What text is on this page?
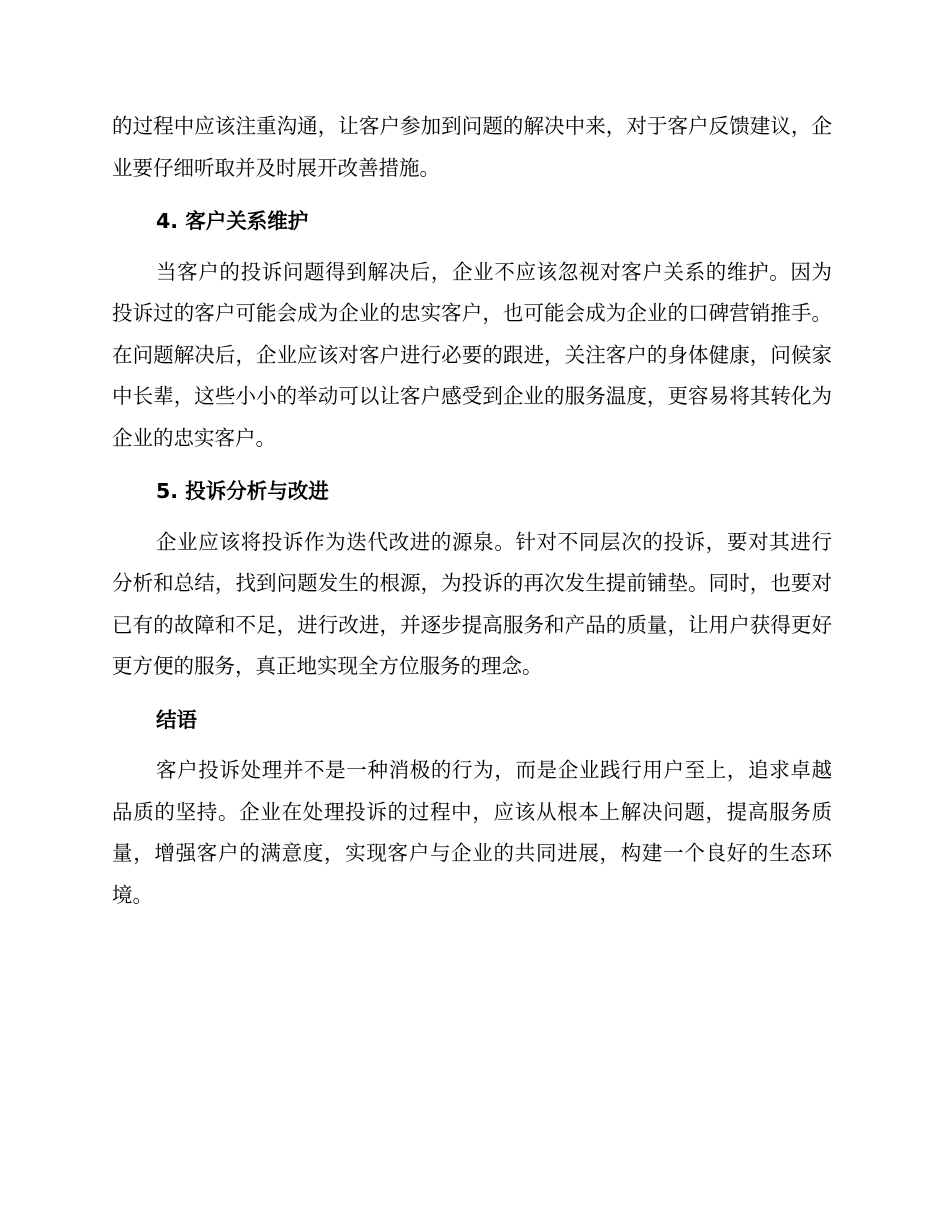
的过程中应该注重沟通，让客户参加到问题的解决中来，对于客户反馈建议，企业要仔细听取并及时展开改善措施。

4. 客户关系维护

当客户的投诉问题得到解决后，企业不应该忽视对客户关系的维护。因为投诉过的客户可能会成为企业的忠实客户，也可能会成为企业的口碑营销推手。在问题解决后，企业应该对客户进行必要的跟进，关注客户的身体健康，问候家中长辈，这些小小的举动可以让客户感受到企业的服务温度，更容易将其转化为企业的忠实客户。

5. 投诉分析与改进

企业应该将投诉作为迭代改进的源泉。针对不同层次的投诉，要对其进行分析和总结，找到问题发生的根源，为投诉的再次发生提前铺垫。同时，也要对已有的故障和不足，进行改进，并逐步提高服务和产品的质量，让用户获得更好更方便的服务，真正地实现全方位服务的理念。

结语

客户投诉处理并不是一种消极的行为，而是企业践行用户至上，追求卓越品质的坚持。企业在处理投诉的过程中，应该从根本上解决问题，提高服务质量，增强客户的满意度，实现客户与企业的共同进展，构建一个良好的生态环境。
